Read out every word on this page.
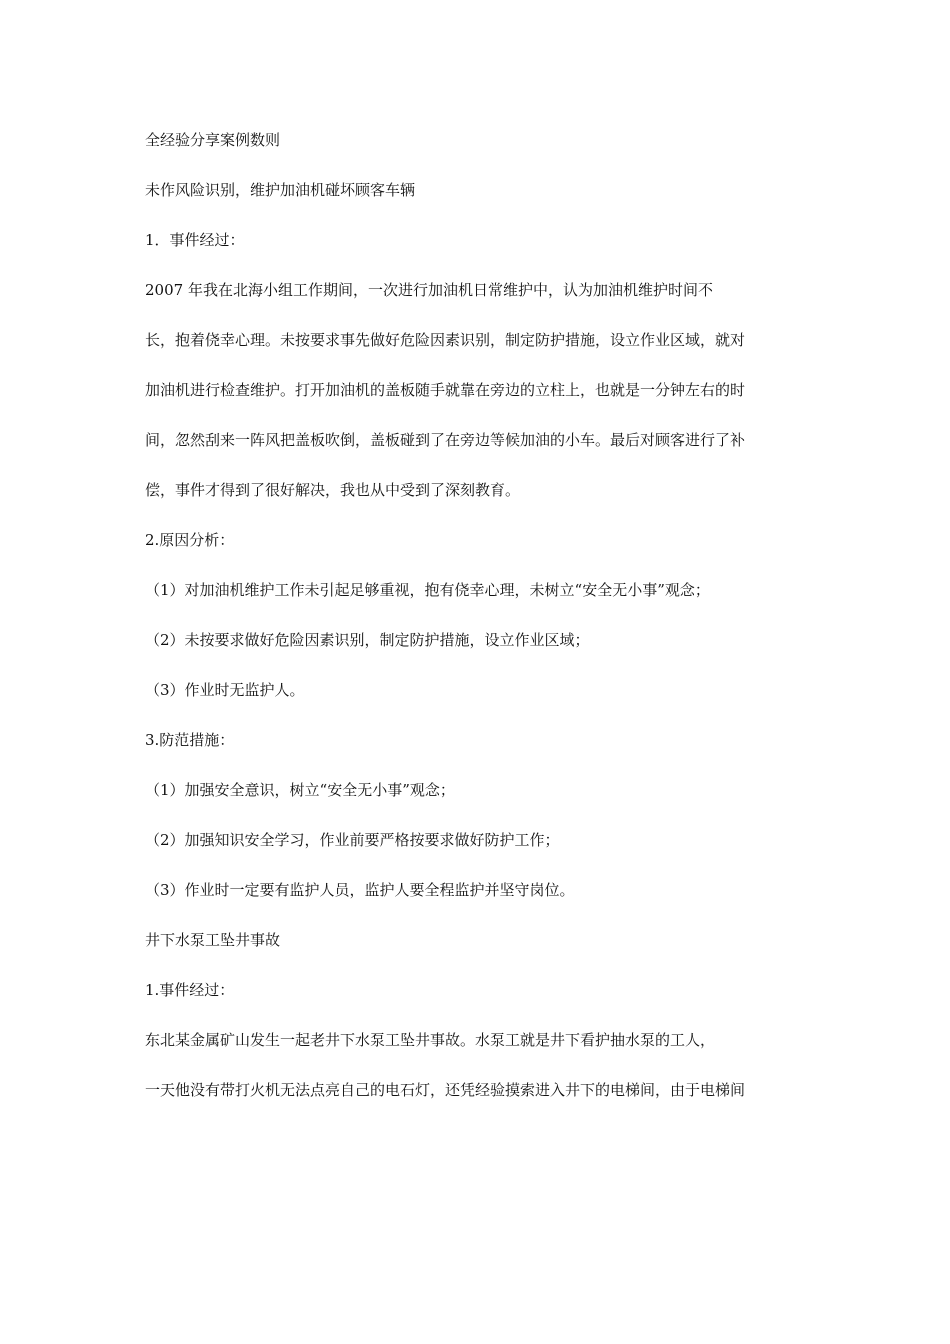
全经验分享案例数则

未作风险识别，维护加油机碰坏顾客车辆

1．事件经过：

2007 年我在北海小组工作期间，一次进行加油机日常维护中，认为加油机维护时间不

长，抱着侥幸心理。未按要求事先做好危险因素识别，制定防护措施，设立作业区域，就对

加油机进行检查维护。打开加油机的盖板随手就靠在旁边的立柱上，也就是一分钟左右的时

间，忽然刮来一阵风把盖板吹倒，盖板碰到了在旁边等候加油的小车。最后对顾客进行了补

偿，事件才得到了很好解决，我也从中受到了深刻教育。

2.原因分析：

（1）对加油机维护工作未引起足够重视，抱有侥幸心理，未树立“安全无小事”观念；

（2）未按要求做好危险因素识别，制定防护措施，设立作业区域；

（3）作业时无监护人。

3.防范措施：

（1）加强安全意识，树立“安全无小事”观念；

（2）加强知识安全学习，作业前要严格按要求做好防护工作；

（3）作业时一定要有监护人员，监护人要全程监护并坚守岗位。

井下水泵工坠井事故

1.事件经过：

东北某金属矿山发生一起老井下水泵工坠井事故。水泵工就是井下看护抽水泵的工人，

一天他没有带打火机无法点亮自己的电石灯，还凭经验摸索进入井下的电梯间，由于电梯间
